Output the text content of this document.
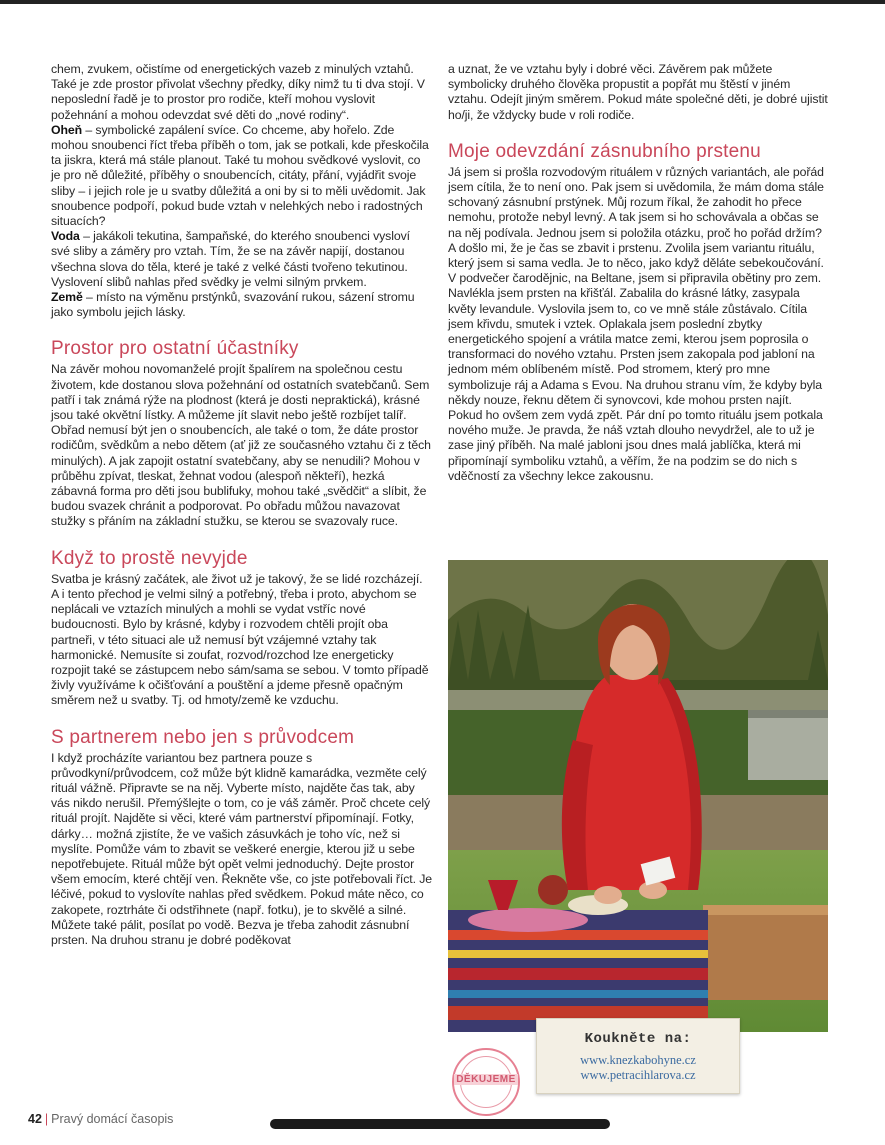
chem, zvukem, očistíme od energetických vazeb z minulých vztahů. Také je zde prostor přivolat všechny předky, díky nimž tu ti dva stojí. V neposlední řadě je to prostor pro rodiče, kteří mohou vyslovit požehnání a mohou odevzdat své děti do „nové rodiny“.

Oheň – symbolické zapálení svíce. Co chceme, aby hořelo. Zde mohou snoubenci říct třeba příběh o tom, jak se potkali, kde přeskočila ta jiskra, která má stále planout. Také tu mohou svědkové vyslovit, co je pro ně důležité, příběhy o snoubencích, citáty, přání, vyjádřit svoje sliby – i jejich role je u svatby důležitá a oni by si to měli uvědomit. Jak snoubence podpoří, pokud bude vztah v nelehkých nebo i radostných situacích?

Voda – jakákoli tekutina, šampaňské, do kterého snoubenci vysloví své sliby a záměry pro vztah. Tím, že se na závěr napijí, dostanou všechna slova do těla, které je také z velké části tvořeno tekutinou. Vyslovení slibů nahlas před svědky je velmi silným prvkem.

Země – místo na výměnu prstýnků, svazování rukou, sázení stromu jako symbolu jejich lásky.

Prostor pro ostatní účastníky

Na závěr mohou novomanželé projít špalírem na společnou cestu životem, kde dostanou slova požehnání od ostatních svatebčanů. Sem patří i tak známá rýže na plodnost (která je dosti nepraktická), krásné jsou také okvětní lístky. A můžeme jít slavit nebo ještě rozbíjet talíř. Obřad nemusí být jen o snoubencích, ale také o tom, že dáte prostor rodičům, svědkům a nebo dětem (ať již ze současného vztahu či z těch minulých). A jak zapojit ostatní svatebčany, aby se nenudili? Mohou v průběhu zpívat, tleskat, žehnat vodou (alespoň někteří), hezká zábavná forma pro děti jsou bublifuky, mohou také „svědčit“ a slíbit, že budou svazek chránit a podporovat. Po obřadu můžou navazovat stužky s přáním na základní stužku, se kterou se svazovaly ruce.

Když to prostě nevyjde

Svatba je krásný začátek, ale život už je takový, že se lidé rozcházejí. A i tento přechod je velmi silný a potřebný, třeba i proto, abychom se neplácali ve vztazích minulých a mohli se vydat vstříc nové budoucnosti. Bylo by krásné, kdyby i rozvodem chtěli projít oba partneři, v této situaci ale už nemusí být vzájemné vztahy tak harmonické. Nemusíte si zoufat, rozvod/rozchod lze energeticky rozpojit také se zástupcem nebo sám/sama se sebou. V tomto případě živly využíváme k očišťování a pouštění a jdeme přesně opačným směrem než u svatby. Tj. od hmoty/země ke vzduchu.

S partnerem nebo jen s průvodcem

I když procházíte variantou bez partnera pouze s průvodkyní/průvodcem, což může být klidně kamarádka, vezměte celý rituál vážně. Připravte se na něj. Vyberte místo, najděte čas tak, aby vás nikdo nerušil. Přemýšlejte o tom, co je váš záměr. Proč chcete celý rituál projít. Najděte si věci, které vám partnerství připomínají. Fotky, dárky… možná zjistíte, že ve vašich zásuvkách je toho víc, než si myslíte. Pomůže vám to zbavit se veškeré energie, kterou již u sebe nepotřebujete. Rituál může být opět velmi jednoduchý. Dejte prostor všem emocím, které chtějí ven. Řekněte vše, co jste potřebovali říct. Je léčivé, pokud to vyslovíte nahlas před svědkem. Pokud máte něco, co zakopete, roztrháte či odstřihnete (např. fotku), je to skvělé a silné. Můžete také pálit, posílat po vodě. Bezva je třeba zahodit zásnubní prsten. Na druhou stranu je dobré poděkovat

a uznat, že ve vztahu byly i dobré věci. Závěrem pak můžete symbolicky druhého člověka propustit a popřát mu štěstí v jiném vztahu. Odejít jiným směrem. Pokud máte společné děti, je dobré ujistit ho/ji, že vždycky bude v roli rodiče.

Moje odevzdání zásnubního prstenu

Já jsem si prošla rozvodovým rituálem v různých variantách, ale pořád jsem cítila, že to není ono. Pak jsem si uvědomila, že mám doma stále schovaný zásnubní prstýnek. Můj rozum říkal, že zahodit ho přece nemohu, protože nebyl levný. A tak jsem si ho schovávala a občas se na něj podívala. Jednou jsem si položila otázku, proč ho pořád držím? A došlo mi, že je čas se zbavit i prstenu. Zvolila jsem variantu rituálu, který jsem si sama vedla. Je to něco, jako když děláte sebekoučování. V podvečer čarodějnic, na Beltane, jsem si připravila obětiny pro zem. Navlékla jsem prsten na křišťál. Zabalila do krásné látky, zasypala květy levandule. Vyslovila jsem to, co ve mně stále zůstávalo. Cítila jsem křivdu, smutek i vztek. Oplakala jsem poslední zbytky energetického spojení a vrátila matce zemi, kterou jsem poprosila o transformaci do nového vztahu. Prsten jsem zakopala pod jabloní na jednom mém oblíbeném místě. Pod stromem, který pro mne symbolizuje ráj a Adama s Evou. Na druhou stranu vím, že kdyby byla někdy nouze, řeknu dětem či synovcovi, kde mohou prsten najít. Pokud ho ovšem zem vydá zpět. Pár dní po tomto rituálu jsem potkala nového muže. Je pravda, že náš vztah dlouho nevydržel, ale to už je zase jiný příběh. Na malé jabloni jsou dnes malá jablíčka, která mi připomínají symboliku vztahů, a věřím, že na podzim se do nich s vděčností za všechny lekce zakousnu.

DĚKUJEME
Koukněte na:
www.knezkabohyne.cz
www.petracihlarova.cz
42 | Pravý domácí časopis
